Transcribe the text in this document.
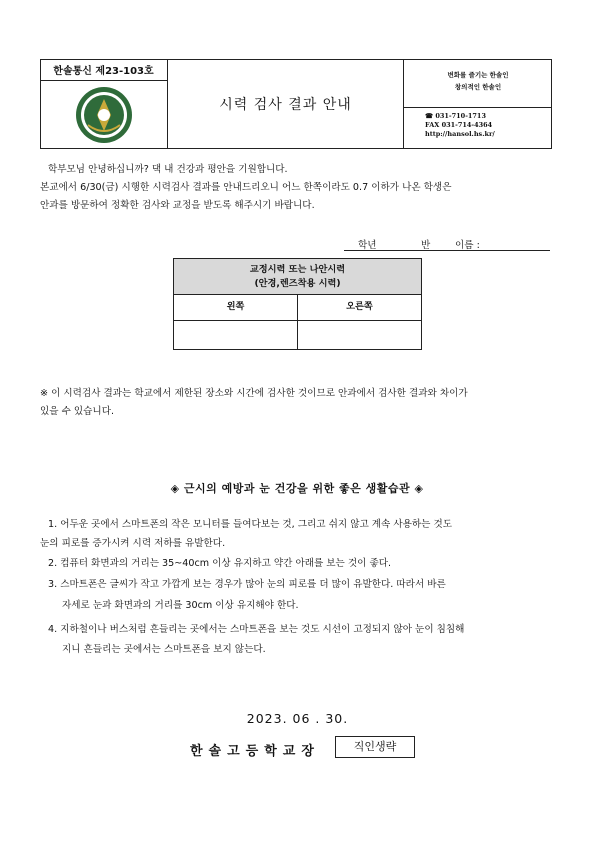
한솔통신 제23-103호
시력 검사 결과 안내
변화를 즐기는 한솔인
창의적인 한솔인
☎ 031-710-1713
FAX 031-714-4364
http://hansol.hs.kr/
학부모님 안녕하십니까? 댁 내 건강과 평안을 기원합니다.
본교에서 6/30(금) 시행한 시력검사 결과를 안내드리오니 어느 한쪽이라도 0.7 이하가 나온 학생은
안과를 방문하여 정확한 검사와 교정을 받도록 해주시기 바랍니다.
학년	반	이름 :
교정시력 또는 나안시력
(안경,렌즈착용 시력)
왼쪽	오른쪽
※ 이 시력검사 결과는 학교에서 제한된 장소와 시간에 검사한 것이므로 안과에서 검사한 결과와 차이가
있을 수 있습니다.
◈ 근시의 예방과 눈 건강을 위한 좋은 생활습관 ◈
1. 어두운 곳에서 스마트폰의 작은 모니터를 들여다보는 것, 그리고 쉬지 않고 계속 사용하는 것도
눈의 피로를 증가시켜 시력 저하를 유발한다.
2. 컴퓨터 화면과의 거리는 35~40cm 이상 유지하고 약간 아래를 보는 것이 좋다.
3. 스마트폰은 글씨가 작고 가깝게 보는 경우가 많아 눈의 피로를 더 많이 유발한다. 따라서 바른
자세로 눈과 화면과의 거리를 30cm 이상 유지해야 한다.
4. 지하철이나 버스처럼 흔들리는 곳에서는 스마트폰을 보는 것도 시선이 고정되지 않아 눈이 침침해
지니 흔들리는 곳에서는 스마트폰을 보지 않는다.
2023. 06 . 30.
한솔고등학교장	직인생략
